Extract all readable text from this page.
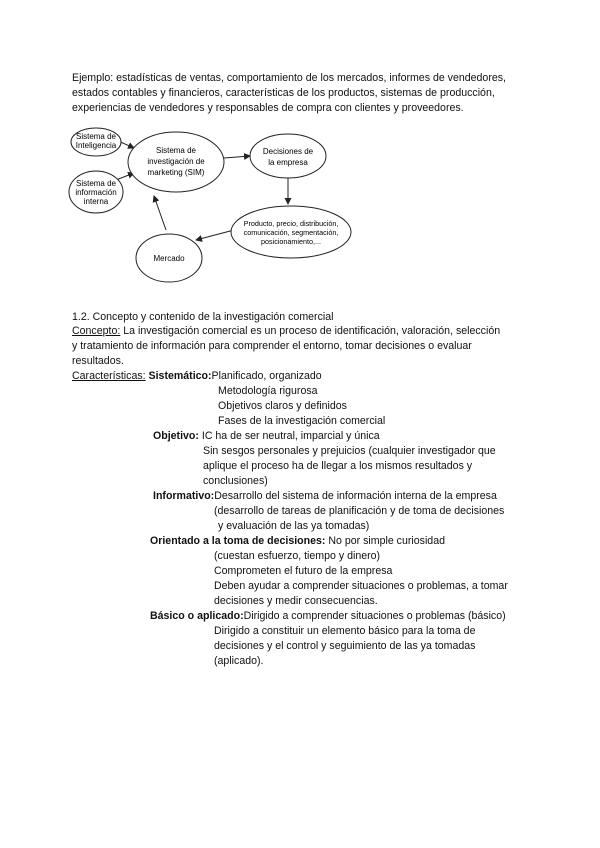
Ejemplo: estadísticas de ventas, comportamiento de los mercados, informes de vendedores,
estados contables y financieros, características de los productos, sistemas de producción,
experiencias de vendedores y responsables de compra con clientes y proveedores.
Sistema de
Inteligencia
Sistema de
información
interna
Sistema de
investigación de
marketing (SIM)
Decisiones de
la empresa
Producto, precio, distribución,
comunicación, segmentación,
posicionamiento,...
Mercado
1.2. Concepto y contenido de la investigación comercial
Concepto: La investigación comercial es un proceso de identificación, valoración, selección
y tratamiento de información para comprender el entorno, tomar decisiones o evaluar
resultados.
Características: Sistemático:Planificado, organizado
Metodología rigurosa
Objetivos claros y definidos
Fases de la investigación comercial
Objetivo: IC ha de ser neutral, imparcial y única
Sin sesgos personales y prejuicios (cualquier investigador que
aplique el proceso ha de llegar a los mismos resultados y
conclusiones)
Informativo:Desarrollo del sistema de información interna de la empresa
(desarrollo de tareas de planificación y de toma de decisiones
y evaluación de las ya tomadas)
Orientado a la toma de decisiones: No por simple curiosidad
(cuestan esfuerzo, tiempo y dinero)
Comprometen el futuro de la empresa
Deben ayudar a comprender situaciones o problemas, a tomar
decisiones y medir consecuencias.
Básico o aplicado:Dirigido a comprender situaciones o problemas (básico)
Dirigido a constituir un elemento básico para la toma de
decisiones y el control y seguimiento de las ya tomadas
(aplicado).
